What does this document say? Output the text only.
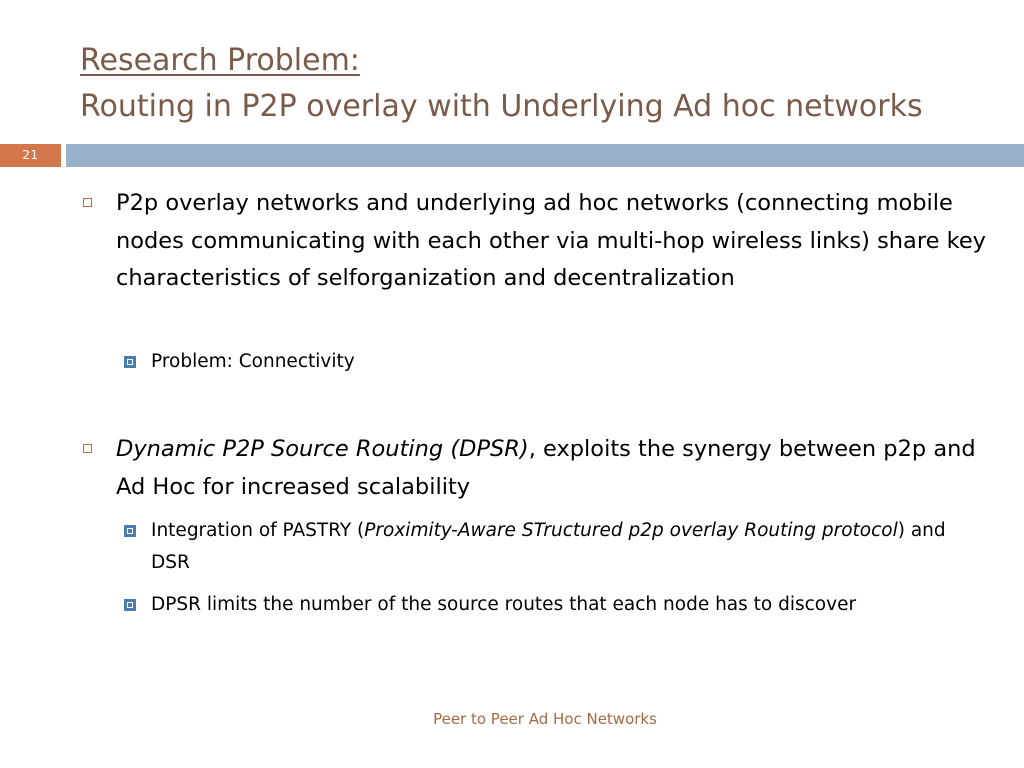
Research Problem:
Routing in P2P overlay with Underlying Ad hoc networks
21
P2p overlay networks and underlying ad hoc networks (connecting mobile nodes communicating with each other via multi-hop wireless links) share key characteristics of selforganization and decentralization
Problem: Connectivity
Dynamic P2P Source Routing (DPSR), exploits the synergy between p2p and Ad Hoc for increased scalability
Integration of PASTRY (Proximity-Aware STructured p2p overlay Routing protocol) and DSR
DPSR limits the number of the source routes that each node has to discover
Peer to Peer Ad Hoc Networks
